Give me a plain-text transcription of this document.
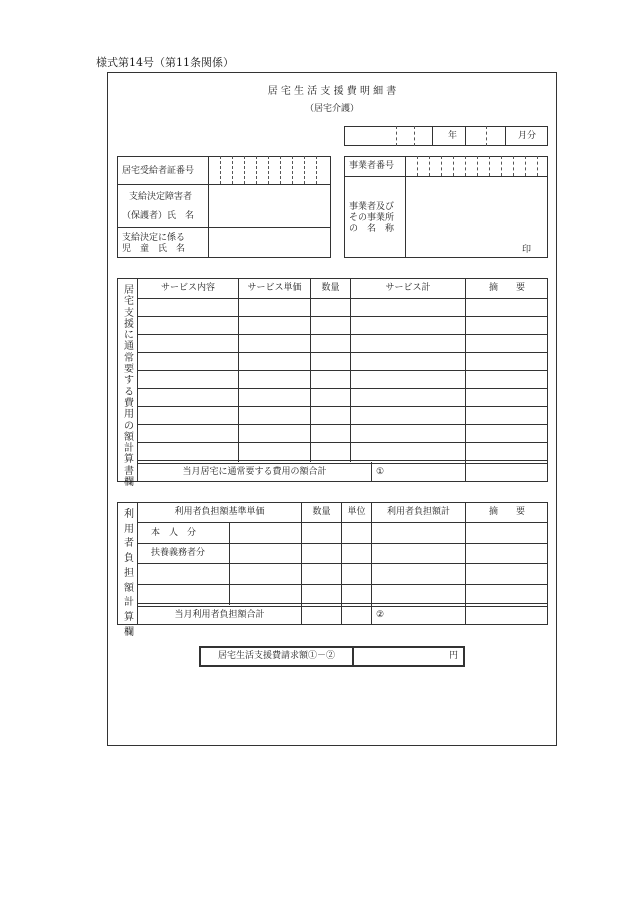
様式第14号（第11条関係）
居 宅 生 活 支 援 費 明 細 書
（居宅介護）
年	月分
居宅受給者証番号
支給決定障害者
（保護者）氏　名
支給決定に係る
児　童　氏　名
事業者番号
事業者及び
その事業所
の　名　称
印
居宅支援に通常要する費用の額計算書欄
サービス内容	サービス単価	数量	サービス計	摘　　要
当月居宅に通常要する費用の額合計	①
利用者負担額計算欄
利用者負担額基準単価	数量	単位	利用者負担額計	摘　　要
本　人　分
扶養義務者分
当月利用者負担額合計	②
居宅生活支援費請求額①－②	円
